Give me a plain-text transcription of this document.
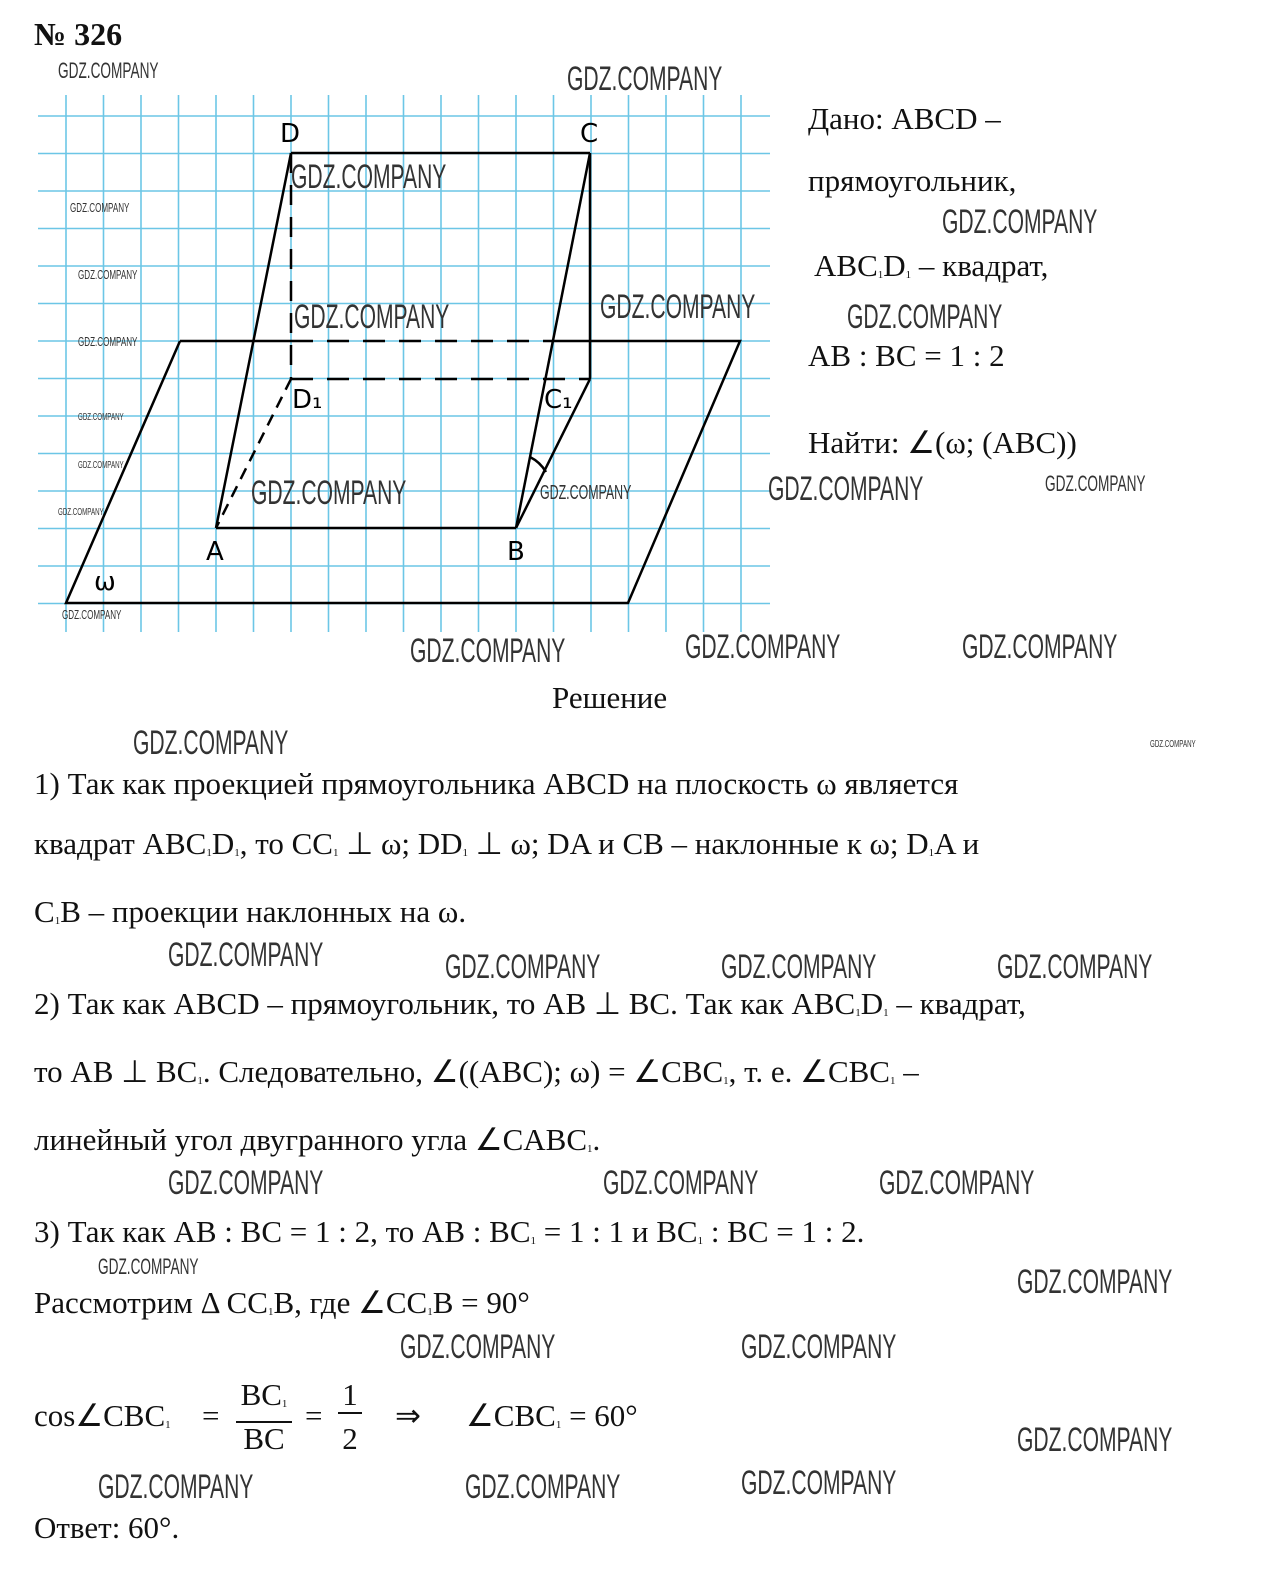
№ 326
D	C
D₁	C₁
A	B
ω
Дано: ABCD –
прямоугольник,
$ABC_1D_1$ – квадрат,
AB : BC = 1 : 2
Найти: ∠(ω; (ABC))
Решение
1) Так как проекцией прямоугольника ABCD на плоскость ω является
квадрат $ABC_1D_1$, то $CC_1$ ⊥ ω; $DD_1$ ⊥ ω; DA и CB – наклонные к ω; $D_1A$ и
$C_1B$ – проекции наклонных на ω.
2) Так как ABCD – прямоугольник, то AB ⊥ BC. Так как $ABC_1D_1$ – квадрат,
то AB ⊥ $BC_1$. Следовательно, ∠((ABC); $\omega) = \angle CBC_1$, т. е. $\angle CBC_1$ –
линейный угол двугранного угла $\angle CABC_1$.
3) Так как AB : BC = 1 : 2, то AB : $BC_1 = 1$ : 1 и $BC_1$ : BC = 1 : 2.
Рассмотрим Δ $CC_1B$, где $\angle CC_1B = 90^\circ$
$\cos\angle CBC_1$ =
$BC_1$
BC
=
1
2
⇒ $\angle CBC_1 = 60^\circ$
Ответ: 60°.
GDZ.COMPANY	GDZ.COMPANY
GDZ.COMPANY
GDZ.COMPANY
GDZ.COMPANY
GDZ.COMPANY
GDZ.COMPANY
GDZ.COMPANY	GDZ.COMPANY	GDZ.COMPANY
GDZ.COMPANY
GDZ.COMPANY
GDZ.COMPANY
GDZ.COMPANY
GDZ.COMPANY	GDZ.COMPANY	GDZ.COMPANY	GDZ.COMPANY
GDZ.COMPANY	GDZ.COMPANY	GDZ.COMPANY
GDZ.COMPANY	GDZ.COMPANY
GDZ.COMPANY	GDZ.COMPANY	GDZ.COMPANY	GDZ.COMPANY
GDZ.COMPANY	GDZ.COMPANY
GDZ.COMPANY
GDZ.COMPANY	GDZ.COMPANY
GDZ.COMPANY	GDZ.COMPANY
GDZ.COMPANY	GDZ.COMPANY
GDZ.COMPANY
GDZ.COMPANY
